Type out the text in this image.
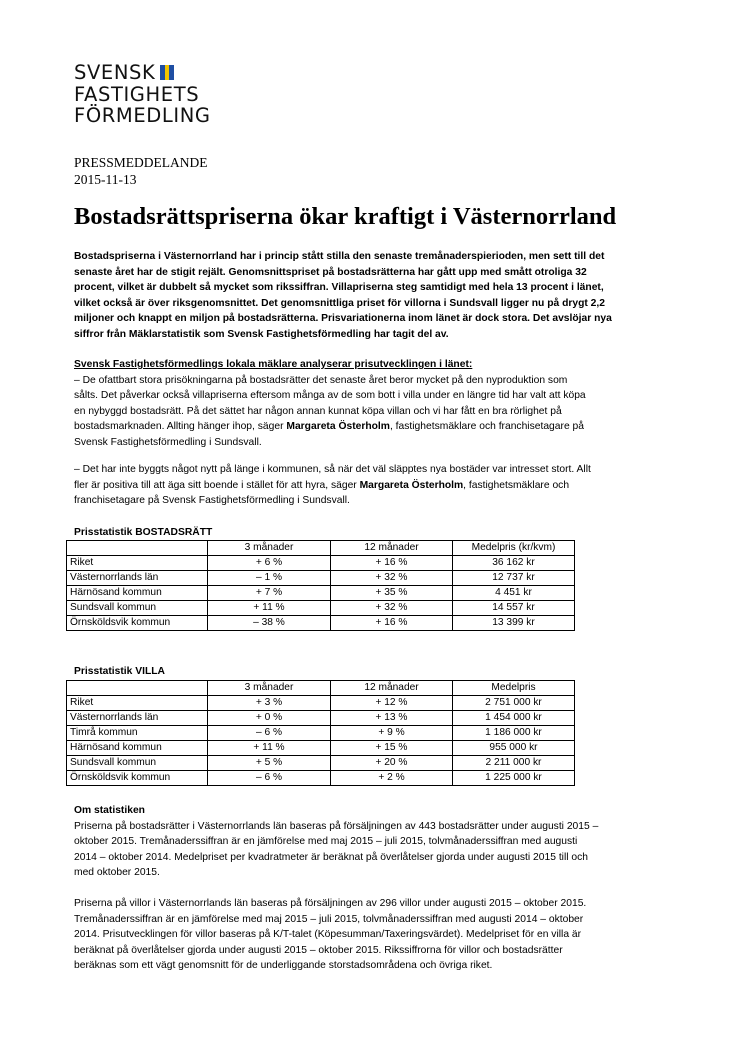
SVENSK
FASTIGHETS
FÖRMEDLING
PRESSMEDDELANDE
2015-11-13
Bostadsrättspriserna ökar kraftigt i Västernorrland
Bostadspriserna i Västernorrland har i princip stått stilla den senaste tremånaderspierioden, men sett till det
senaste året har de stigit rejält. Genomsnittspriset på bostadsrätterna har gått upp med smått otroliga 32
procent, vilket är dubbelt så mycket som rikssiffran. Villapriserna steg samtidigt med hela 13 procent i länet,
vilket också är över riksgenomsnittet. Det genomsnittliga priset för villorna i Sundsvall ligger nu på drygt 2,2
miljoner och knappt en miljon på bostadsrätterna. Prisvariationerna inom länet är dock stora. Det avslöjar nya
siffror från Mäklarstatistik som Svensk Fastighetsförmedling har tagit del av.
Svensk Fastighetsförmedlings lokala mäklare analyserar prisutvecklingen i länet:
– De ofattbart stora prisökningarna på bostadsrätter det senaste året beror mycket på den nyproduktion som
sålts. Det påverkar också villapriserna eftersom många av de som bott i villa under en längre tid har valt att köpa
en nybyggd bostadsrätt. På det sättet har någon annan kunnat köpa villan och vi har fått en bra rörlighet på
bostadsmarknaden. Allting hänger ihop, säger Margareta Österholm, fastighetsmäklare och franchisetagare på
Svensk Fastighetsförmedling i Sundsvall.
– Det har inte byggts något nytt på länge i kommunen, så när det väl släpptes nya bostäder var intresset stort. Allt
fler är positiva till att äga sitt boende i stället för att hyra, säger Margareta Österholm, fastighetsmäklare och
franchisetagare på Svensk Fastighetsförmedling i Sundsvall.
Prisstatistik BOSTADSRÄTT
	3 månader	12 månader	Medelpris (kr/kvm)
Riket	+ 6 %	+ 16 %	36 162 kr
Västernorrlands län	– 1 %	+ 32 %	12 737 kr
Härnösand kommun	+ 7 %	+ 35 %	4 451 kr
Sundsvall kommun	+ 11 %	+ 32 %	14 557 kr
Örnsköldsvik kommun	– 38 %	+ 16 %	13 399 kr
Prisstatistik VILLA
	3 månader	12 månader	Medelpris
Riket	+ 3 %	+ 12 %	2 751 000 kr
Västernorrlands län	+ 0 %	+ 13 %	1 454 000 kr
Timrå kommun	– 6 %	+ 9 %	1 186 000 kr
Härnösand kommun	+ 11 %	+ 15 %	955 000 kr
Sundsvall kommun	+ 5 %	+ 20 %	2 211 000 kr
Örnsköldsvik kommun	– 6 %	+ 2 %	1 225 000 kr
Om statistiken
Priserna på bostadsrätter i Västernorrlands län baseras på försäljningen av 443 bostadsrätter under augusti 2015 –
oktober 2015. Tremånaderssiffran är en jämförelse med maj 2015 – juli 2015, tolvmånaderssiffran med augusti
2014 – oktober 2014. Medelpriset per kvadratmeter är beräknat på överlåtelser gjorda under augusti 2015 till och
med oktober 2015.
Priserna på villor i Västernorrlands län baseras på försäljningen av 296 villor under augusti 2015 – oktober 2015.
Tremånaderssiffran är en jämförelse med maj 2015 – juli 2015, tolvmånaderssiffran med augusti 2014 – oktober
2014. Prisutvecklingen för villor baseras på K/T-talet (Köpesumman/Taxeringsvärdet). Medelpriset för en villa är
beräknat på överlåtelser gjorda under augusti 2015 – oktober 2015. Rikssiffrorna för villor och bostadsrätter
beräknas som ett vägt genomsnitt för de underliggande storstadsområdena och övriga riket.
